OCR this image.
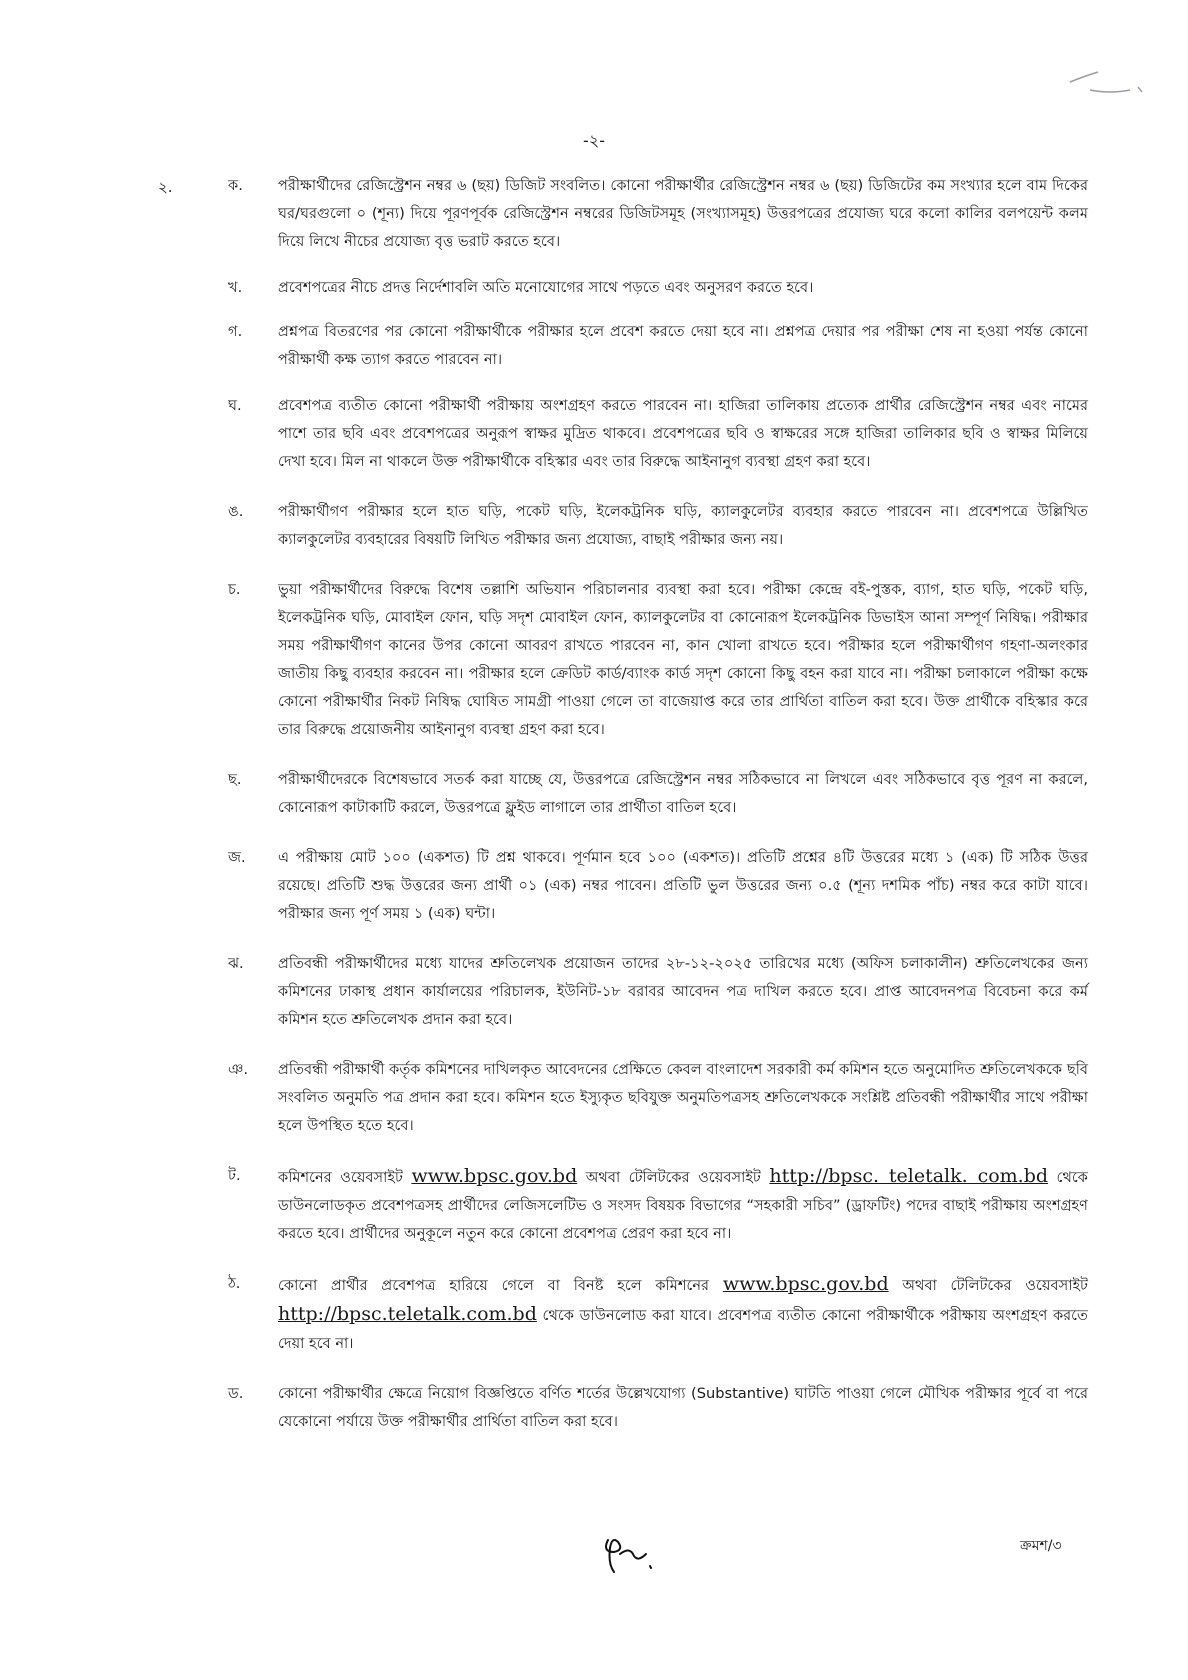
-২-
২.	ক.	পরীক্ষার্থীদের রেজিস্ট্রেশন নম্বর ৬ (ছয়) ডিজিট সংবলিত। কোনো পরীক্ষার্থীর রেজিস্ট্রেশন নম্বর ৬ (ছয়) ডিজিটের কম সংখ্যার হলে বাম দিকের ঘর/ঘরগুলো ০ (শূন্য) দিয়ে পূরণপূর্বক রেজিস্ট্রেশন নম্বরের ডিজিটসমূহ (সংখ্যাসমূহ) উত্তরপত্রের প্রযোজ্য ঘরে কলো কালির বলপয়েন্ট কলম দিয়ে লিখে নীচের প্রযোজ্য বৃত্ত ভরাট করতে হবে।

খ.	প্রবেশপত্রের নীচে প্রদত্ত নির্দেশাবলি অতি মনোযোগের সাথে পড়তে এবং অনুসরণ করতে হবে।

গ.	প্রশ্নপত্র বিতরণের পর কোনো পরীক্ষার্থীকে পরীক্ষার হলে প্রবেশ করতে দেয়া হবে না। প্রশ্নপত্র দেয়ার পর পরীক্ষা শেষ না হওয়া পর্যন্ত কোনো পরীক্ষার্থী কক্ষ ত্যাগ করতে পারবেন না।

ঘ.	প্রবেশপত্র ব্যতীত কোনো পরীক্ষার্থী পরীক্ষায় অংশগ্রহণ করতে পারবেন না। হাজিরা তালিকায় প্রত্যেক প্রার্থীর রেজিস্ট্রেশন নম্বর এবং নামের পাশে তার ছবি এবং প্রবেশপত্রের অনুরূপ স্বাক্ষর মুদ্রিত থাকবে। প্রবেশপত্রের ছবি ও স্বাক্ষরের সঙ্গে হাজিরা তালিকার ছবি ও স্বাক্ষর মিলিয়ে দেখা হবে। মিল না থাকলে উক্ত পরীক্ষার্থীকে বহিস্কার এবং তার বিরুদ্ধে আইনানুগ ব্যবস্থা গ্রহণ করা হবে।

ঙ.	পরীক্ষার্থীগণ পরীক্ষার হলে হাত ঘড়ি, পকেট ঘড়ি, ইলেকট্রনিক ঘড়ি, ক্যালকুলেটর ব্যবহার করতে পারবেন না। প্রবেশপত্রে উল্লিখিত ক্যালকুলেটর ব্যবহারের বিষয়টি লিখিত পরীক্ষার জন্য প্রযোজ্য, বাছাই পরীক্ষার জন্য নয়।

চ.	ভুয়া পরীক্ষার্থীদের বিরুদ্ধে বিশেষ তল্লাশি অভিযান পরিচালনার ব্যবস্থা করা হবে। পরীক্ষা কেন্দ্রে বই-পুস্তক, ব্যাগ, হাত ঘড়ি, পকেট ঘড়ি, ইলেকট্রনিক ঘড়ি, মোবাইল ফোন, ঘড়ি সদৃশ মোবাইল ফোন, ক্যালকুলেটর বা কোনোরূপ ইলেকট্রনিক ডিভাইস আনা সম্পূর্ণ নিষিদ্ধ। পরীক্ষার সময় পরীক্ষার্থীগণ কানের উপর কোনো আবরণ রাখতে পারবেন না, কান খোলা রাখতে হবে। পরীক্ষার হলে পরীক্ষার্থীগণ গহণা-অলংকার জাতীয় কিছু ব্যবহার করবেন না। পরীক্ষার হলে ক্রেডিট কার্ড/ব্যাংক কার্ড সদৃশ কোনো কিছু বহন করা যাবে না। পরীক্ষা চলাকালে পরীক্ষা কক্ষে কোনো পরীক্ষার্থীর নিকট নিষিদ্ধ ঘোষিত সামগ্রী পাওয়া গেলে তা বাজেয়াপ্ত করে তার প্রার্থিতা বাতিল করা হবে। উক্ত প্রার্থীকে বহিস্কার করে তার বিরুদ্ধে প্রয়োজনীয় আইনানুগ ব্যবস্থা গ্রহণ করা হবে।

ছ.	পরীক্ষার্থীদেরকে বিশেষভাবে সতর্ক করা যাচ্ছে যে, উত্তরপত্রে রেজিস্ট্রেশন নম্বর সঠিকভাবে না লিখলে এবং সঠিকভাবে বৃত্ত পূরণ না করলে, কোনোরূপ কাটাকাটি করলে, উত্তরপত্রে ফ্লুইড লাগালে তার প্রার্থীতা বাতিল হবে।

জ.	এ পরীক্ষায় মোট ১০০ (একশত) টি প্রশ্ন থাকবে। পূর্ণমান হবে ১০০ (একশত)। প্রতিটি প্রশ্নের ৪টি উত্তরের মধ্যে ১ (এক) টি সঠিক উত্তর রয়েছে। প্রতিটি শুদ্ধ উত্তরের জন্য প্রার্থী ০১ (এক) নম্বর পাবেন। প্রতিটি ভুল উত্তরের জন্য ০.৫ (শূন্য দশমিক পাঁচ) নম্বর করে কাটা যাবে। পরীক্ষার জন্য পূর্ণ সময় ১ (এক) ঘন্টা।

ঝ.	প্রতিবন্ধী পরীক্ষার্থীদের মধ্যে যাদের শ্রুতিলেখক প্রয়োজন তাদের ২৮-১২-২০২৫ তারিখের মধ্যে (অফিস চলাকালীন) শ্রুতিলেখকের জন্য কমিশনের ঢাকাস্থ প্রধান কার্যালয়ের পরিচালক, ইউনিট-১৮ বরাবর আবেদন পত্র দাখিল করতে হবে। প্রাপ্ত আবেদনপত্র বিবেচনা করে কর্ম কমিশন হতে শ্রুতিলেখক প্রদান করা হবে।

ঞ.	প্রতিবন্ধী পরীক্ষার্থী কর্তৃক কমিশনের দাখিলকৃত আবেদনের প্রেক্ষিতে কেবল বাংলাদেশ সরকারী কর্ম কমিশন হতে অনুমোদিত শ্রুতিলেখককে ছবি সংবলিত অনুমতি পত্র প্রদান করা হবে। কমিশন হতে ইস্যুকৃত ছবিযুক্ত অনুমতিপত্রসহ শ্রুতিলেখককে সংশ্লিষ্ট প্রতিবন্ধী পরীক্ষার্থীর সাথে পরীক্ষা হলে উপস্থিত হতে হবে।

ট.	কমিশনের ওয়েবসাইট www.bpsc.gov.bd অথবা টেলিটকের ওয়েবসাইট http://bpsc. teletalk. com.bd থেকে ডাউনলোডকৃত প্রবেশপত্রসহ প্রার্থীদের লেজিসলেটিভ ও সংসদ বিষয়ক বিভাগের “সহকারী সচিব” (ড্রাফটিং) পদের বাছাই পরীক্ষায় অংশগ্রহণ করতে হবে। প্রার্থীদের অনুকূলে নতুন করে কোনো প্রবেশপত্র প্রেরণ করা হবে না।

ঠ.	কোনো প্রার্থীর প্রবেশপত্র হারিয়ে গেলে বা বিনষ্ট হলে কমিশনের www.bpsc.gov.bd অথবা টেলিটকের ওয়েবসাইট http://bpsc.teletalk.com.bd থেকে ডাউনলোড করা যাবে। প্রবেশপত্র ব্যতীত কোনো পরীক্ষার্থীকে পরীক্ষায় অংশগ্রহণ করতে দেয়া হবে না।

ড.	কোনো পরীক্ষার্থীর ক্ষেত্রে নিয়োগ বিজ্ঞপ্তিতে বর্ণিত শর্তের উল্লেখযোগ্য (Substantive) ঘাটতি পাওয়া গেলে মৌখিক পরীক্ষার পূর্বে বা পরে যেকোনো পর্যায়ে উক্ত পরীক্ষার্থীর প্রার্থিতা বাতিল করা হবে।

ক্রমশ/৩
